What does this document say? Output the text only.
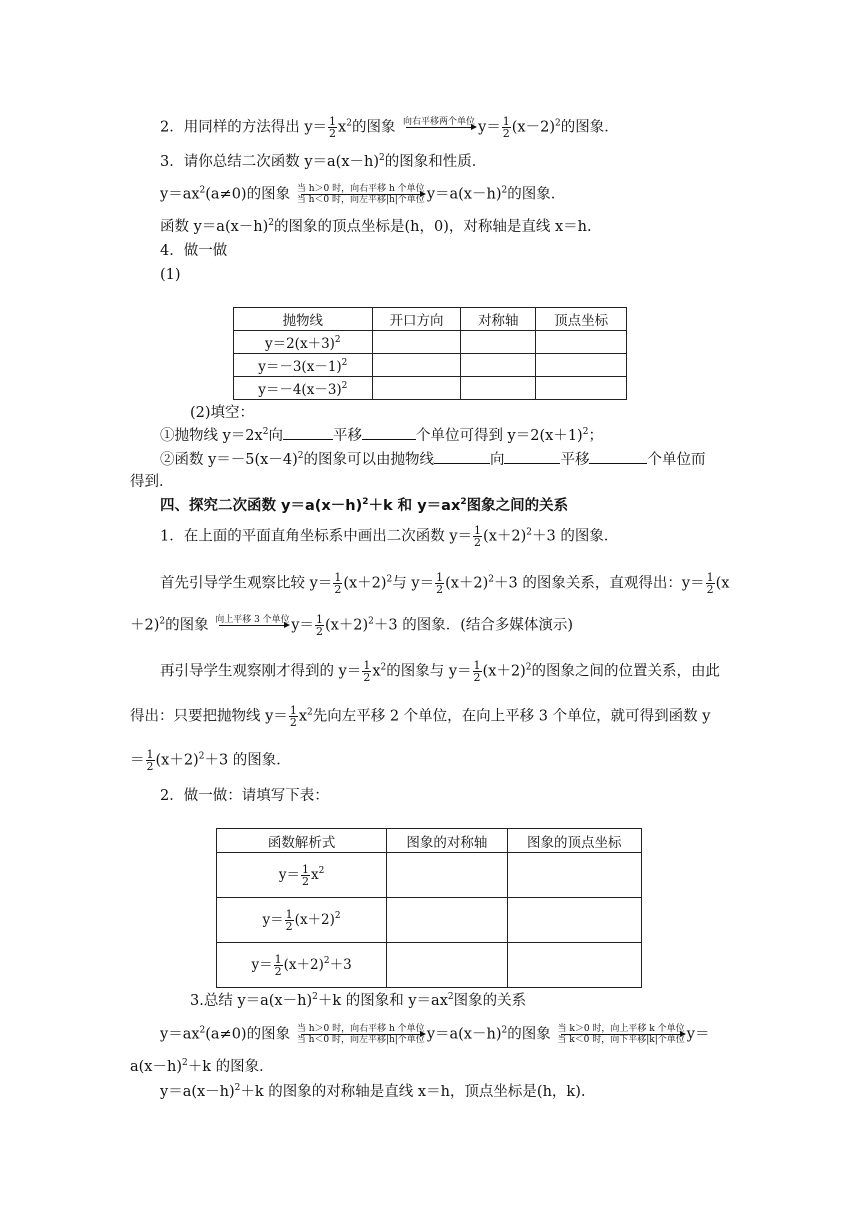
2．用同样的方法得出 $y= \frac{1}{2} x^2$的图象 向右平移两个单位
$y= \frac{1}{2} (x-2)^2$的图象．
3．请你总结二次函数 $y=a(x-h)^2$的图象和性质．
$y=ax^2(a\ne 0)$的图象 当 h＞0 时，向右平移 h 个单位
当 h＜0 时，向左平移|h|个单位 $y=a(x-h)^2$的图象．
函数 $y=a(x-h)^2$的图象的顶点坐标是(h，0)，对称轴是直线 x＝h.
4．做一做
(1)
抛物线	开口方向	对称轴	顶点坐标
$y=2(x+3)^2$			
$y=-3(x-1)^2$			
$y=-4(x-3)^2$			
(2)填空：
①抛物线 $y=2x^2$向	平移	个单位可得到 $y=2(x+1)^2$；
②函数 $y=-5(x-4)^2$的图象可以由抛物线	向	平移	个单位而
得到．
四、探究二次函数 $y=a(x-h)^2+k$ 和 $y=ax^2$图象之间的关系
1．在上面的平面直角坐标系中画出二次函数 $y= \frac{1}{2} (x+2)^2+3$ 的图象．
首先引导学生观察比较 $y= \frac{1}{2} (x+2)^2$与 $y= \frac{1}{2} (x+2)^2+3$ 的图象关系，直观得出：$y= \frac{1}{2} (x$
＋2)$^2$的图象 向上平移 3 个单位
$y= \frac{1}{2} (x+2)^2+3$ 的图象．(结合多媒体演示)
再引导学生观察刚才得到的 $y= \frac{1}{2} x^2$的图象与 $y= \frac{1}{2} (x+2)^2$的图象之间的位置关系，由此
得出：只要把抛物线 $y= \frac{1}{2} x^2$先向左平移 2 个单位，在向上平移 3 个单位，就可得到函数 y
＝ $\frac{1}{2} (x+2)^2+3$ 的图象．
2．做一做：请填写下表：
函数解析式	图象的对称轴	图象的顶点坐标
$y= \frac{1}{2} x^2$		
$y= \frac{1}{2} (x+2)^2$		
$y= \frac{1}{2} (x+2)^2+3$		
3.总结 $y=a(x-h)^2+k$ 的图象和 $y=ax^2$图象的关系
$y=ax^2(a\ne 0)$的图象 当 h＞0 时，向右平移 h 个单位
当 h＜0 时，向左平移|h|个单位 $y=a(x-h)^2$的图象 当 k＞0 时，向上平移 k 个单位
当 k＜0 时，向下平移|k|个单位 y＝
$a(x-h)^2+k$ 的图象．
$y=a(x-h)^2+k$ 的图象的对称轴是直线 x＝h，顶点坐标是(h，k).
